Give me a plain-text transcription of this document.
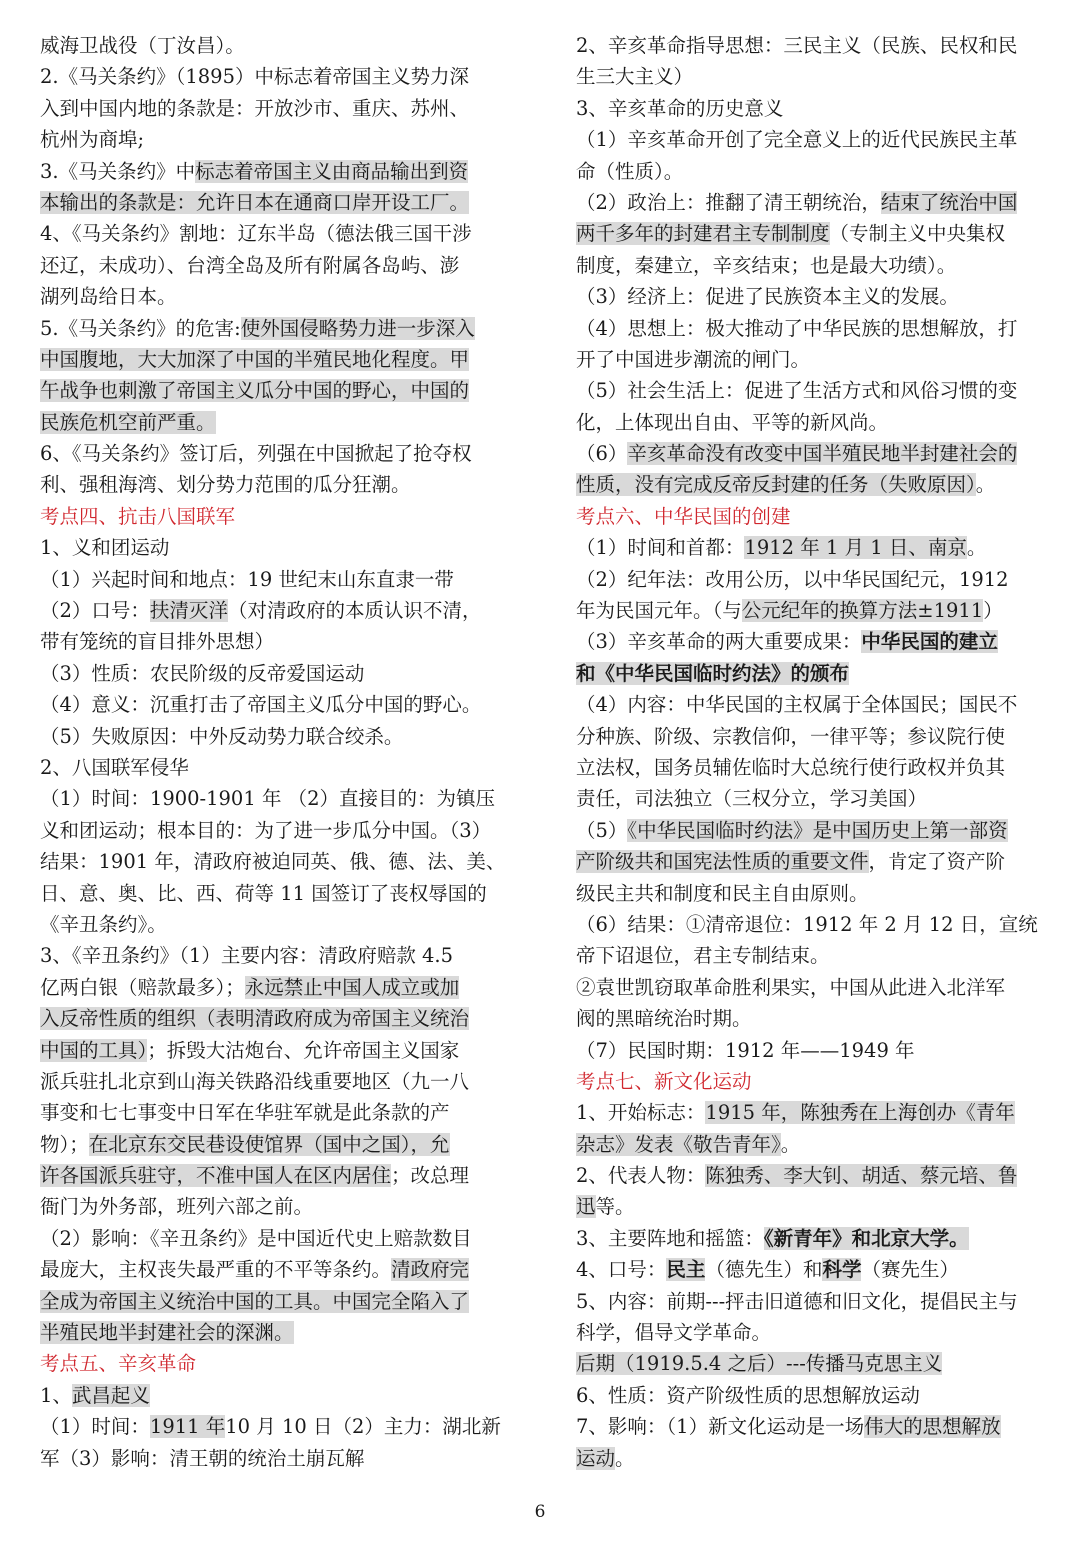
威海卫战役（丁汝昌）。
2.《马关条约》（1895）中标志着帝国主义势力深
入到中国内地的条款是：开放沙市、重庆、苏州、
杭州为商埠;
3.《马关条约》中标志着帝国主义由商品输出到资
本输出的条款是：允许日本在通商口岸开设工厂。
4、《马关条约》割地：辽东半岛（德法俄三国干涉
还辽，未成功）、台湾全岛及所有附属各岛屿、澎
湖列岛给日本。
5.《马关条约》的危害:使外国侵略势力进一步深入
中国腹地，大大加深了中国的半殖民地化程度。甲
午战争也刺激了帝国主义瓜分中国的野心，中国的
民族危机空前严重。
6、《马关条约》签订后，列强在中国掀起了抢夺权
利、强租海湾、划分势力范围的瓜分狂潮。
考点四、抗击八国联军
1、义和团运动
（1）兴起时间和地点：19 世纪末山东直隶一带
（2）口号：扶清灭洋（对清政府的本质认识不清，
带有笼统的盲目排外思想）
（3）性质：农民阶级的反帝爱国运动
（4）意义：沉重打击了帝国主义瓜分中国的野心。
（5）失败原因：中外反动势力联合绞杀。
2、八国联军侵华
（1）时间：1900-1901 年 （2）直接目的：为镇压
义和团运动；根本目的：为了进一步瓜分中国。（3）
结果：1901 年，清政府被迫同英、俄、德、法、美、
日、意、奥、比、西、荷等 11 国签订了丧权辱国的
《辛丑条约》。
3、《辛丑条约》（1）主要内容：清政府赔款 4.5
亿两白银（赔款最多）；永远禁止中国人成立或加
入反帝性质的组织（表明清政府成为帝国主义统治
中国的工具）；拆毁大沽炮台、允许帝国主义国家
派兵驻扎北京到山海关铁路沿线重要地区（九一八
事变和七七事变中日军在华驻军就是此条款的产
物）；在北京东交民巷设使馆界（国中之国），允
许各国派兵驻守，不准中国人在区内居住；改总理
衙门为外务部，班列六部之前。
（2）影响：《辛丑条约》是中国近代史上赔款数目
最庞大，主权丧失最严重的不平等条约。清政府完
全成为帝国主义统治中国的工具。中国完全陷入了
半殖民地半封建社会的深渊。
考点五、辛亥革命
1、武昌起义
（1）时间：1911 年10 月 10 日（2）主力：湖北新
军（3）影响：清王朝的统治土崩瓦解
2、辛亥革命指导思想：三民主义（民族、民权和民
生三大主义）
3、辛亥革命的历史意义
（1）辛亥革命开创了完全意义上的近代民族民主革
命（性质）。
（2）政治上：推翻了清王朝统治，结束了统治中国
两千多年的封建君主专制制度（专制主义中央集权
制度，秦建立，辛亥结束；也是最大功绩）。
（3）经济上：促进了民族资本主义的发展。
（4）思想上：极大推动了中华民族的思想解放，打
开了中国进步潮流的闸门。
（5）社会生活上：促进了生活方式和风俗习惯的变
化，上体现出自由、平等的新风尚。
（6）辛亥革命没有改变中国半殖民地半封建社会的
性质，没有完成反帝反封建的任务（失败原因）。
考点六、中华民国的创建
（1）时间和首都：1912 年 1 月 1 日、南京。
（2）纪年法：改用公历，以中华民国纪元，1912
年为民国元年。（与公元纪年的换算方法±1911）
（3）辛亥革命的两大重要成果：中华民国的建立
和《中华民国临时约法》的颁布
（4）内容：中华民国的主权属于全体国民；国民不
分种族、阶级、宗教信仰，一律平等；参议院行使
立法权，国务员辅佐临时大总统行使行政权并负其
责任，司法独立（三权分立，学习美国）
（5）《中华民国临时约法》是中国历史上第一部资
产阶级共和国宪法性质的重要文件，肯定了资产阶
级民主共和制度和民主自由原则。
（6）结果：①清帝退位：1912 年 2 月 12 日，宣统
帝下诏退位，君主专制结束。
②袁世凯窃取革命胜利果实，中国从此进入北洋军
阀的黑暗统治时期。
（7）民国时期：1912 年——1949 年
考点七、新文化运动
1、开始标志：1915 年，陈独秀在上海创办《青年
杂志》发表《敬告青年》。
2、代表人物：陈独秀、李大钊、胡适、蔡元培、鲁
迅等。
3、主要阵地和摇篮：《新青年》和北京大学。
4、口号：民主（德先生）和科学（赛先生）
5、内容：前期---抨击旧道德和旧文化，提倡民主与
科学，倡导文学革命。
后期（1919.5.4 之后）---传播马克思主义
6、性质：资产阶级性质的思想解放运动
7、影响：（1）新文化运动是一场伟大的思想解放
运动。
6
